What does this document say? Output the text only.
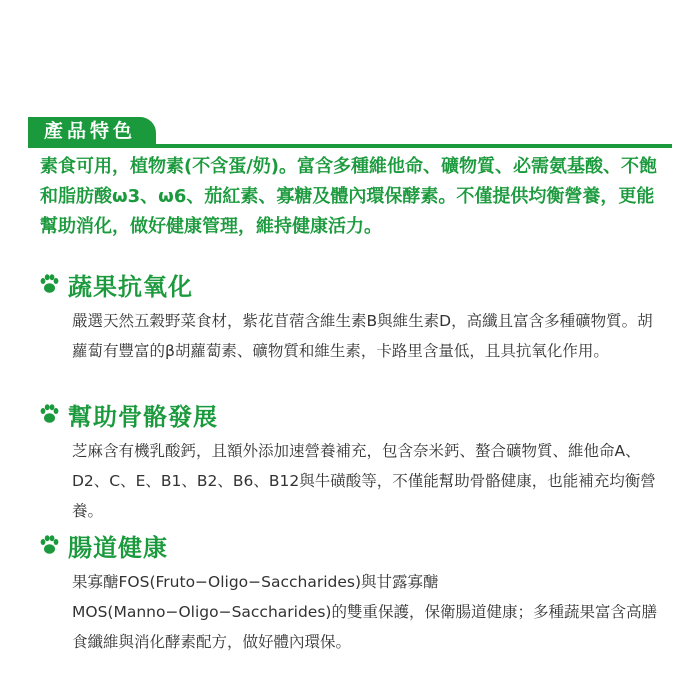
產品特色

素食可用，植物素(不含蛋/奶)。富含多種維他命、礦物質、必需氨基酸、不飽和脂肪酸ω3、ω6、茄紅素、寡糖及體內環保酵素。不僅提供均衡營養，更能幫助消化，做好健康管理，維持健康活力。

蔬果抗氧化
嚴選天然五穀野菜食材，紫花苜蓿含維生素B與維生素D，高纖且富含多種礦物質。胡蘿蔔有豐富的β胡蘿蔔素、礦物質和維生素，卡路里含量低，且具抗氧化作用。
幫助骨骼發展
芝麻含有機乳酸鈣，且額外添加速營養補充，包含奈米鈣、螯合礦物質、維他命A、D2、C、E、B1、B2、B6、B12與牛磺酸等，不僅能幫助骨骼健康，也能補充均衡營養。
腸道健康
果寡醣FOS(Fruto−Oligo−Saccharides)與甘露寡醣MOS(Manno−Oligo−Saccharides)的雙重保護，保衛腸道健康；多種蔬果富含高膳食纖維與消化酵素配方，做好體內環保。
